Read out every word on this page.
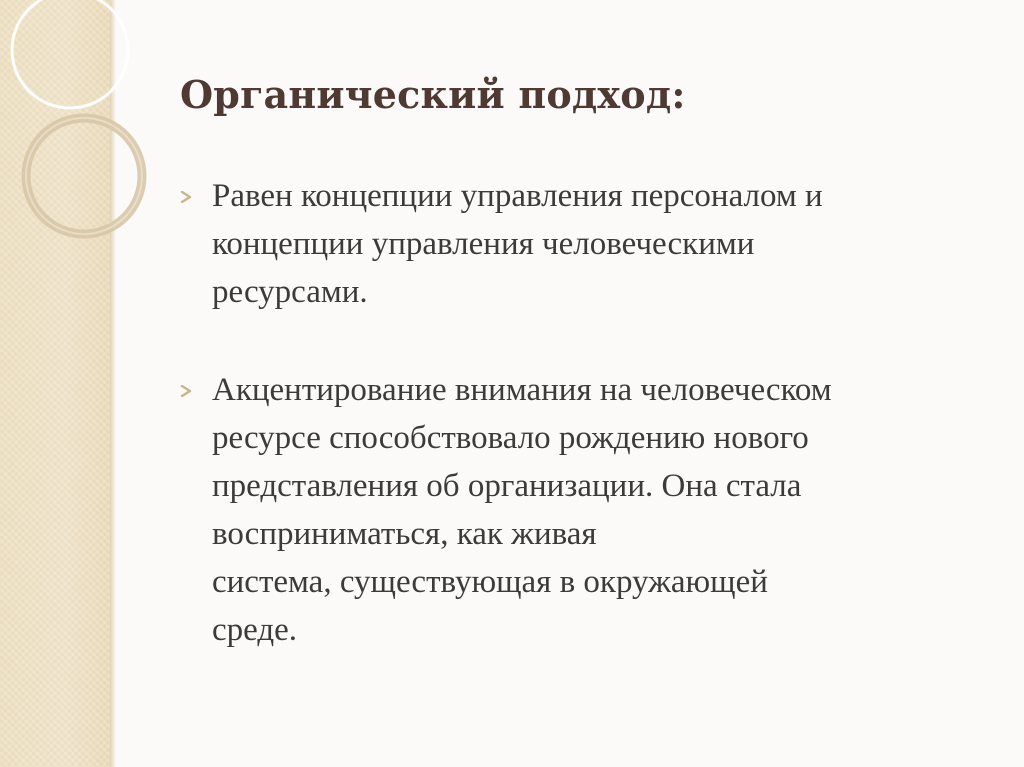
Органический подход:
Равен концепции управления персоналом и
концепции управления человеческими
ресурсами.
Акцентирование внимания на человеческом
ресурсе способствовало рождению нового
представления об организации. Она стала
восприниматься, как живая
система, существующая в окружающей
среде.
